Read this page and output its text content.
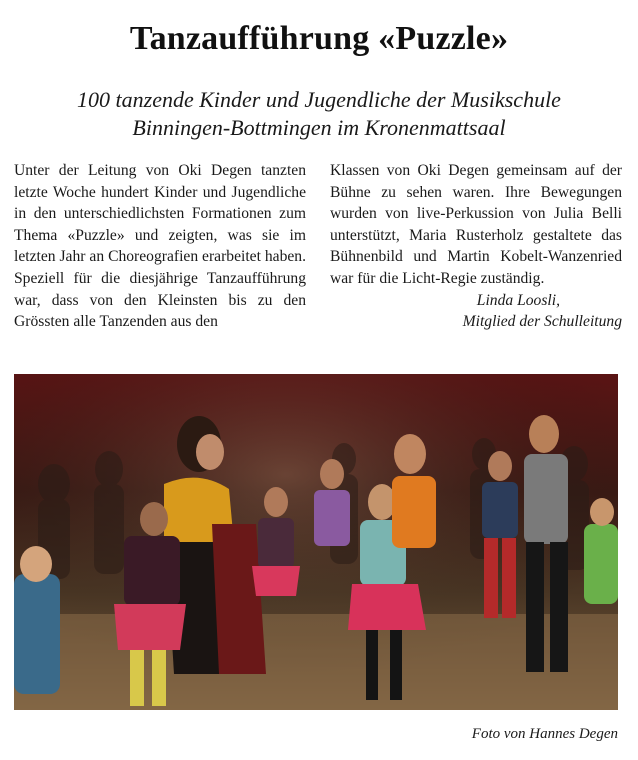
Tanzaufführung «Puzzle»
100 tanzende Kinder und Jugendliche der Musikschule
Binningen-Bottmingen im Kronenmattsaal

Unter der Leitung von Oki Degen tanzten letzte Woche hundert Kinder und Jugendliche in den unterschiedlichsten Formationen zum Thema «Puzzle» und zeigten, was sie im letzten Jahr an Choreografien erarbeitet haben. Speziell für die diesjährige Tanzaufführung war, dass von den Kleinsten bis zu den Grössten alle Tanzenden aus den

Klassen von Oki Degen gemeinsam auf der Bühne zu sehen waren. Ihre Bewegungen wurden von live-Perkussion von Julia Belli unterstützt, Maria Rusterholz gestaltete das Bühnenbild und Martin Kobelt-Wanzenried war für die Licht-Regie zuständig.

Linda Loosli,
Mitglied der Schulleitung
Foto von Hannes Degen
